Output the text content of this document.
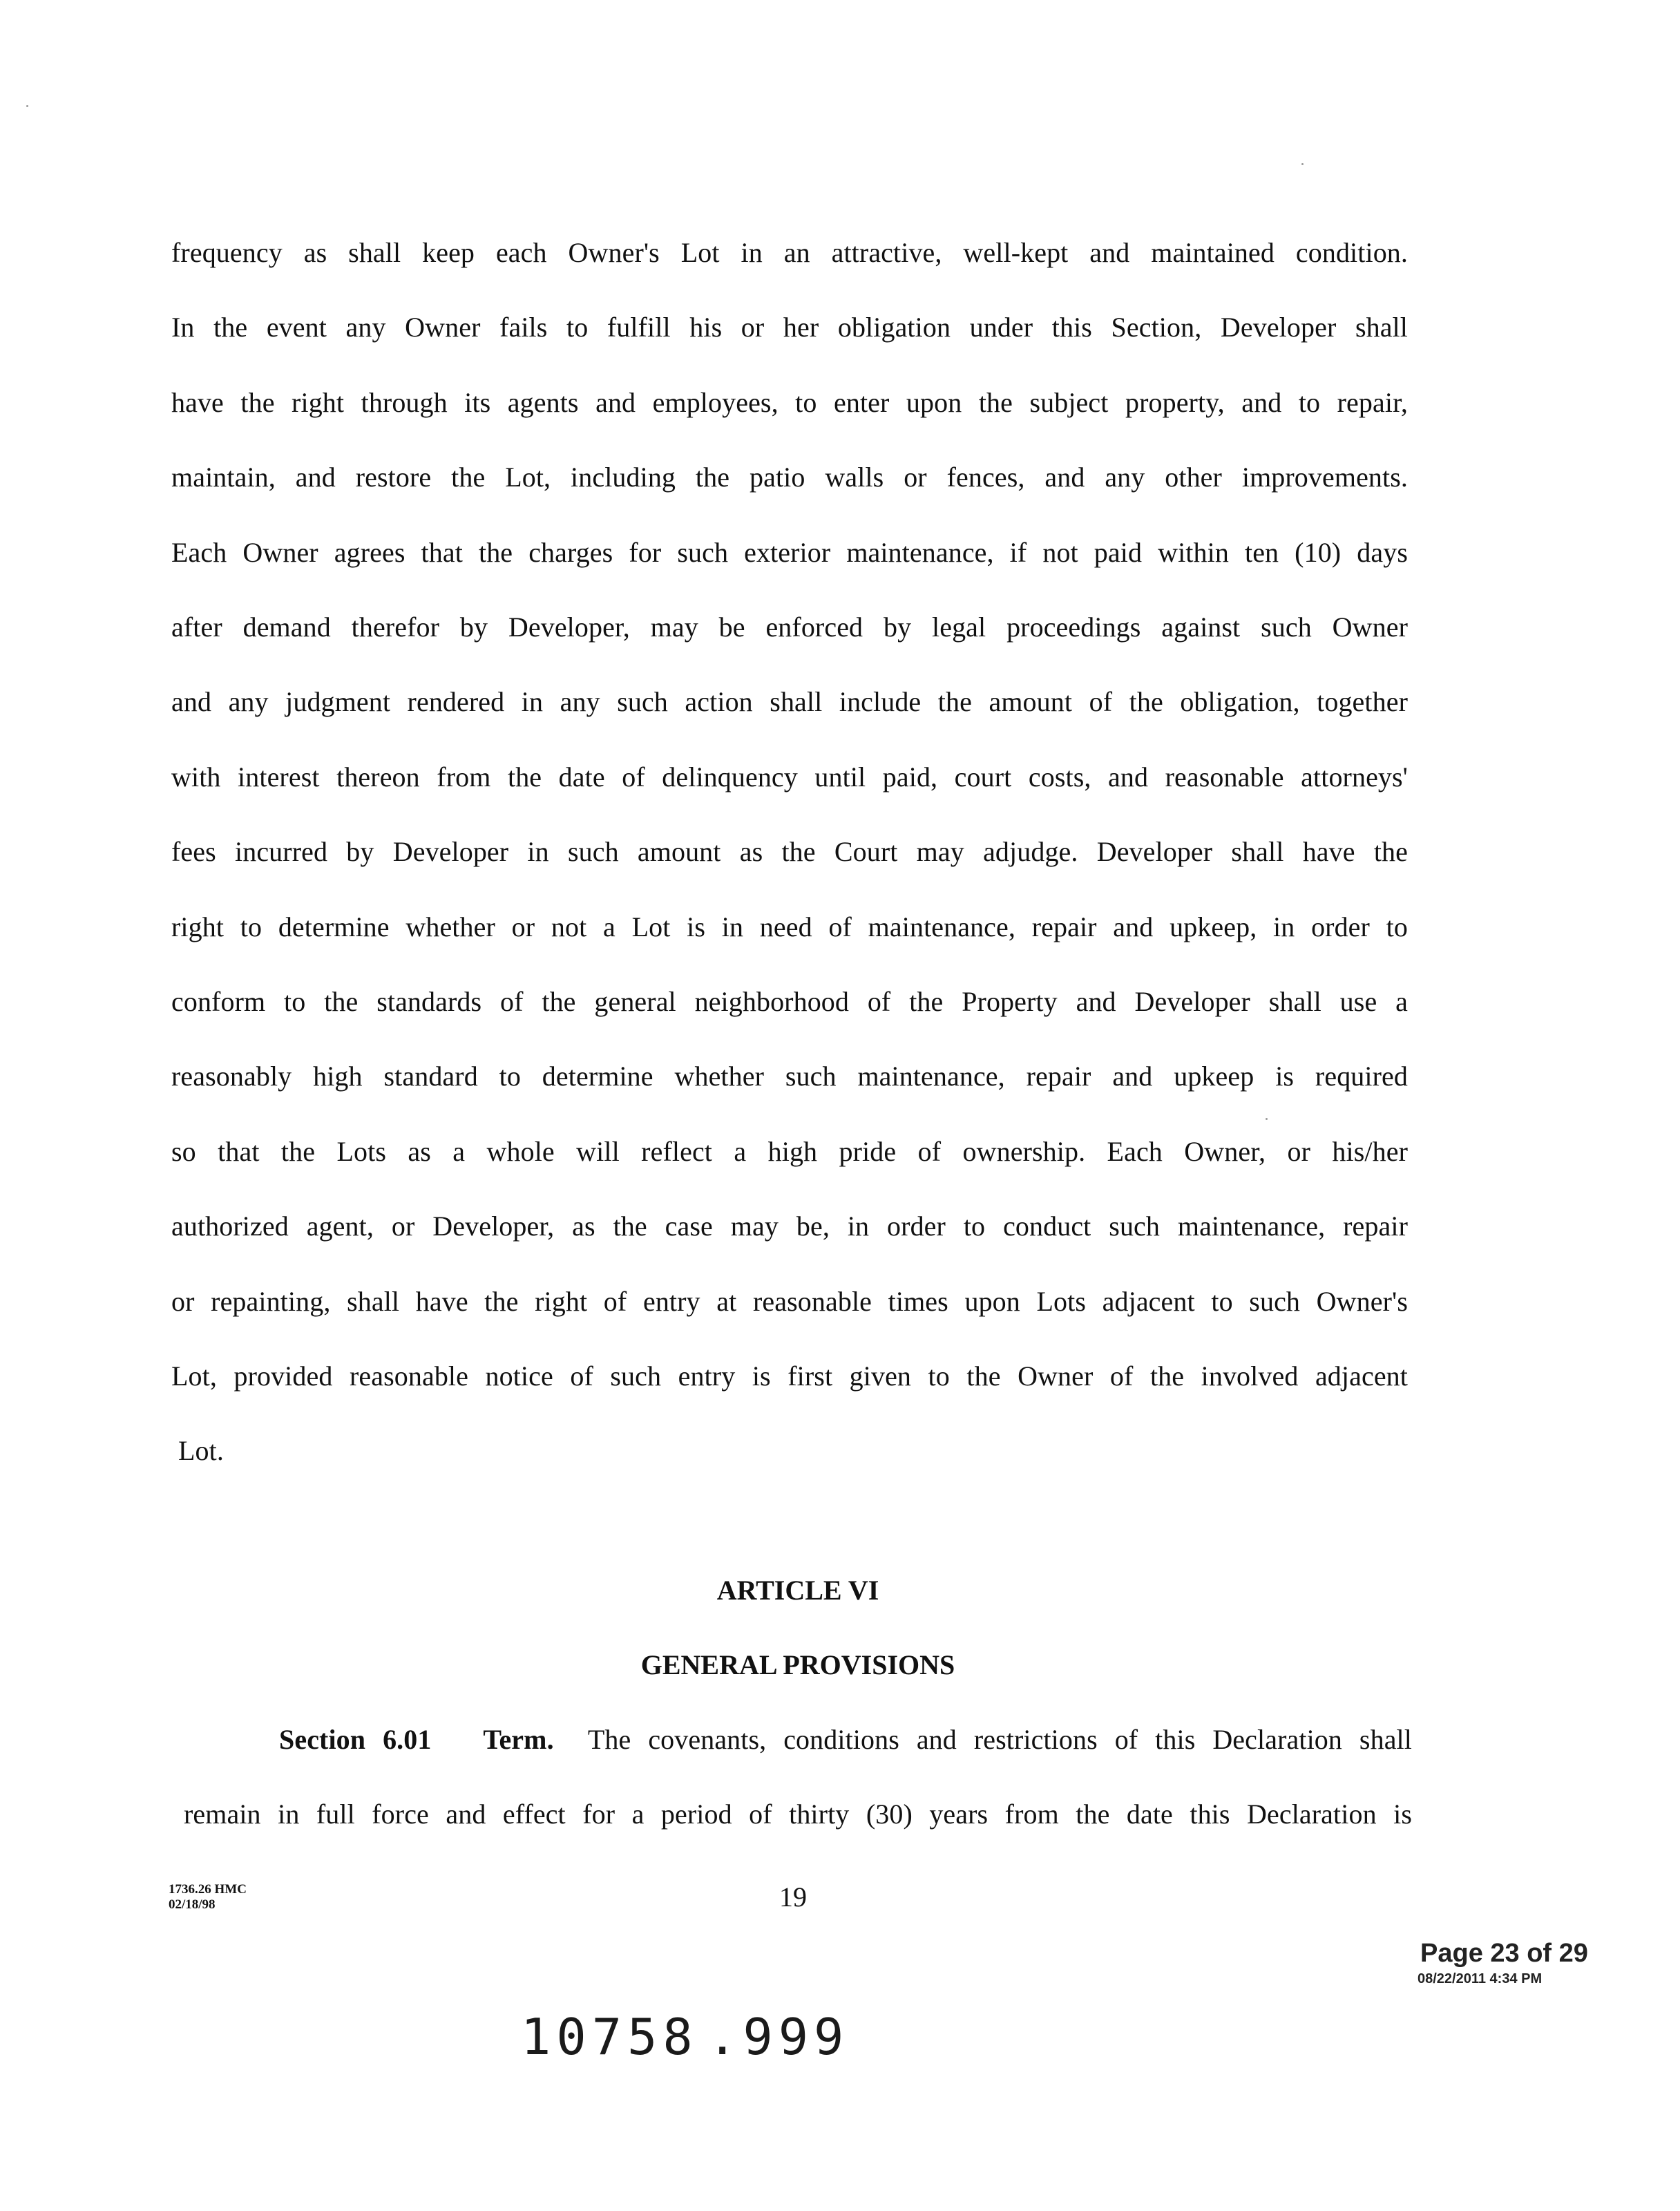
frequency as shall keep each Owner's Lot in an attractive, well-kept and maintained condition.
In the event any Owner fails to fulfill his or her obligation under this Section, Developer shall
have the right through its agents and employees, to enter upon the subject property, and to repair,
maintain, and restore the Lot, including the patio walls or fences, and any other improvements.
Each Owner agrees that the charges for such exterior maintenance, if not paid within ten (10) days
after demand therefor by Developer, may be enforced by legal proceedings against such Owner
and any judgment rendered in any such action shall include the amount of the obligation, together
with interest thereon from the date of delinquency until paid, court costs, and reasonable attorneys'
fees incurred by Developer in such amount as the Court may adjudge. Developer shall have the
right to determine whether or not a Lot is in need of maintenance, repair and upkeep, in order to
conform to the standards of the general neighborhood of the Property and Developer shall use a
reasonably high standard to determine whether such maintenance, repair and upkeep is required
so that the Lots as a whole will reflect a high pride of ownership. Each Owner, or his/her
authorized agent, or Developer, as the case may be, in order to conduct such maintenance, repair
or repainting, shall have the right of entry at reasonable times upon Lots adjacent to such Owner's
Lot, provided reasonable notice of such entry is first given to the Owner of the involved adjacent
Lot.
ARTICLE VI
GENERAL PROVISIONS
Section 6.01 Term. The covenants, conditions and restrictions of this Declaration shall
remain in full force and effect for a period of thirty (30) years from the date this Declaration is
1736.26 HMC
02/18/98	19
Page 23 of 29
08/22/2011 4:34 PM
10758 .999
